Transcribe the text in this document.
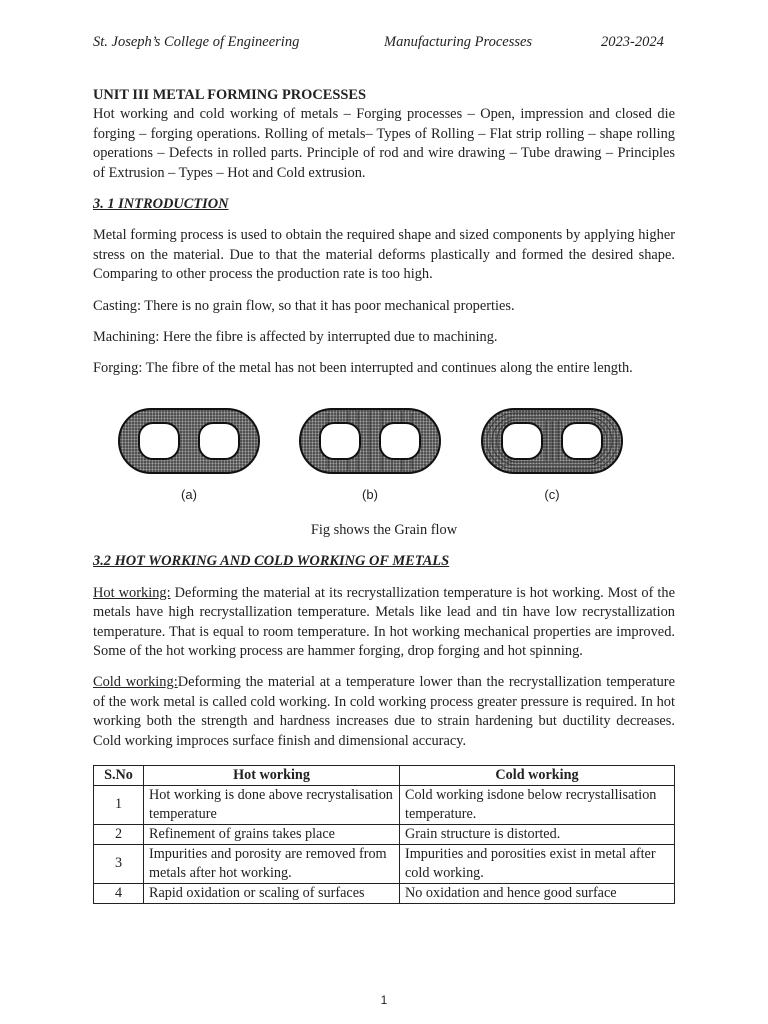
St. Joseph’s College of Engineering	Manufacturing Processes	2023-2024

UNIT III METAL FORMING PROCESSES

Hot working and cold working of metals – Forging processes – Open, impression and closed die forging – forging operations. Rolling of metals– Types of Rolling – Flat strip rolling – shape rolling operations – Defects in rolled parts. Principle of rod and wire drawing – Tube drawing – Principles of Extrusion – Types – Hot and Cold extrusion.

3. 1 INTRODUCTION

Metal forming process is used to obtain the required shape and sized components by applying higher stress on the material. Due to that the material deforms plastically and formed the desired shape. Comparing to other process the production rate is too high.

Casting: There is no grain flow, so that it has poor mechanical properties.

Machining: Here the fibre is affected by interrupted due to machining.

Forging: The fibre of the metal has not been interrupted and continues along the entire length.

(a)	(b)	(c)

Fig shows the Grain flow

3.2 HOT WORKING AND COLD WORKING OF METALS

Hot working: Deforming the material at its recrystallization temperature is hot working. Most of the metals have high recrystallization temperature. Metals like lead and tin have low recrystallization temperature. That is equal to room temperature. In hot working mechanical properties are improved. Some of the hot working process are hammer forging, drop forging and hot spinning.

Cold working:Deforming the material at a temperature lower than the recrystallization temperature of the work metal is called cold working. In cold working process greater pressure is required. In hot working both the strength and hardness increases due to strain hardening but ductility decreases. Cold working improces surface finish and dimensional accuracy.

S.No	Hot working	Cold working
1	Hot working is done above recrystalisation temperature	Cold working isdone below recrystallisation temperature.
2	Refinement of grains takes place	Grain structure is distorted.
3	Impurities and porosity are removed from metals after hot working.	Impurities and porosities exist in metal after cold working.
4	Rapid oxidation or scaling of surfaces	No oxidation and hence good surface
1
